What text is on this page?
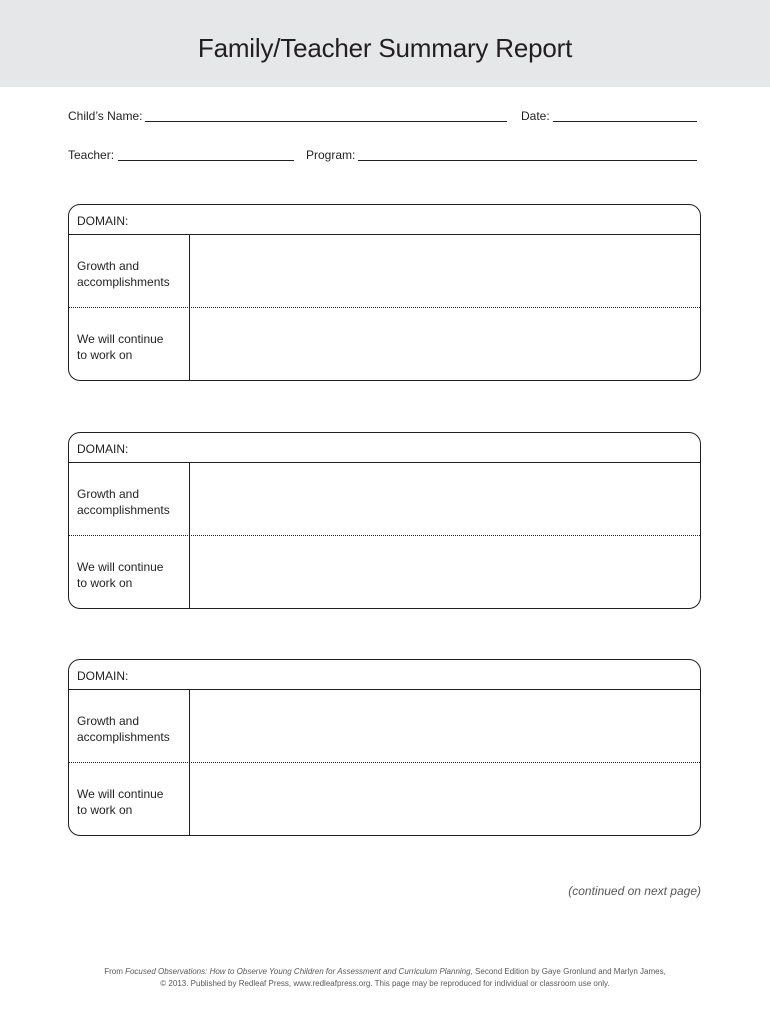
Family/Teacher Summary Report
Child’s Name:	Date:
Teacher:	Program:
DOMAIN:
Growth and
accomplishments
We will continue
to work on
DOMAIN:
Growth and
accomplishments
We will continue
to work on
DOMAIN:
Growth and
accomplishments
We will continue
to work on
(continued on next page)
From Focused Observations: How to Observe Young Children for Assessment and Curriculum Planning, Second Edition by Gaye Gronlund and Marlyn James,
© 2013. Published by Redleaf Press, www.redleafpress.org. This page may be reproduced for individual or classroom use only.
